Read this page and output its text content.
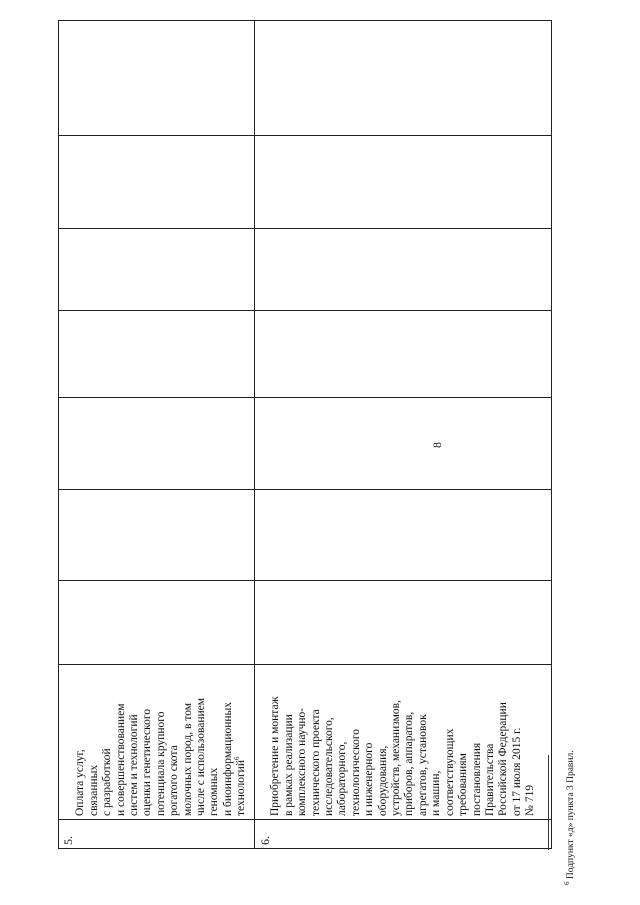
8
5.

Оплата услуг,
связанных
с разработкой
и совершенствованием
систем и технологий
оценки генетического
потенциала крупного
рогатого скота
молочных пород, в том
числе с использованием
геномных
и биоинформационных
технологий$^6$

6.

Приобретение и монтаж
в рамках реализации
комплексного научно-
технического проекта
исследовательского,
лабораторного,
технологического
и инженерного
оборудования,
устройств, механизмов,
приборов, аппаратов,
агрегатов, установок
и машин,
соответствующих
требованиям
постановления
Правительства
Российской Федерации
от 17 июля 2015 г.
№ 719

$^6$ Подпункт «д» пункта 3 Правил.
